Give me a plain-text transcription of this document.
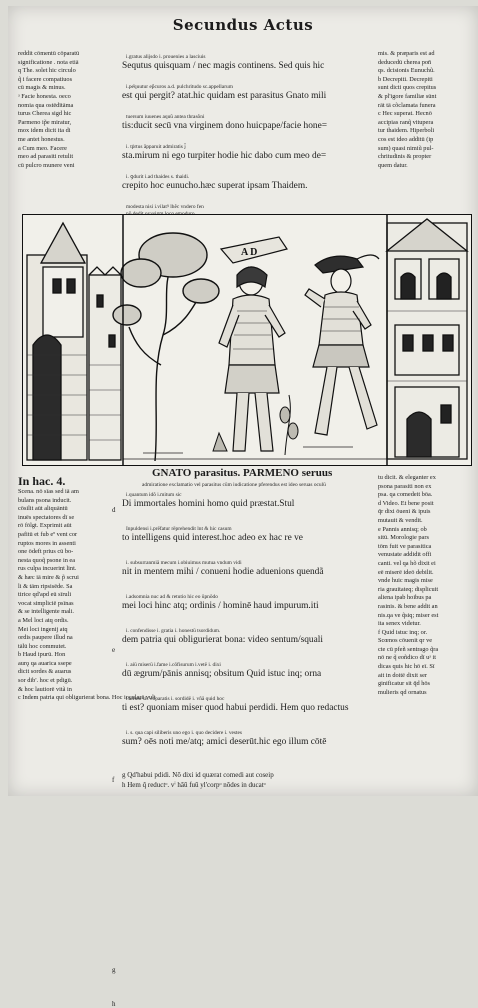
Secundus Actus
reddit cōmentū cōparatū
significatione . nota etiā
q The. solet hic circulo
q̃ i facere compatiuos
cū magis & minus.
ᵃ Facie honesta. oeco
nomia qua ostēdītāma
turus Cherea sigd hic
Parmeno ip̃e miratur,
mox idem dicit ita di
me antet honestus.
a Cum meo. Facere
meo ad parasiti retulit
cū pulcro munere veni
i.gratus alijsdo i. prouenies a lasciuis
Sequtus quisquam / nec magis continens. Sed quis hic
i.pe̊quutur ep̃curos a.d. pulchritudo sc.appellarum
est qui pergit? atat.hic quidam est parasitus Gnato mili
tuersum iuuenes aquũ antea thrasõni
tis:ducit secū vna virginem dono huicpape/facie hone=
i. tṗrtus ãpparuit admiratis j̃
sta.mirum ni ego turpiter hodie hic dabo cum meo de=
i. ꝯdurit i.ad thaides s. thaidi.
crepito hoc eunucho.hæc superat ipsam Thaidem.
modesta nisi i.vilatꝰ lhẽc vndero fen
mis. & præparis est ad
deducedū cherea pon̄
qs. dcisionis Eunuchũ.
b Decrepiti. Decrepiti
sunt dicti quos crepitus
& pl'igore familiæ sūnt
rāt tā cõclamata funera
c Hec superat. Hecnō
accipias ranq̃ vitupera
tur thaidem. Hiperboli
cos est ideo additū (ip
sum) quasi nimiũ pul-
chritudinis & propter
quem datur.
A D
In hac. 4.
Scena. nō sīas sed iā am
bulans psona inducit.
cōsilit aūt aliquāntū
inuēs spectatores dī se
rō fōlgt. Exprimit aūt
pafitū et fub eº vent cor
ruptos mores in assenti
one ōdeft prius cū bo-
nesta quoq̃ psone in ea
rus culpa incuerint lint.
& hæc iā mire & p̃ scrui
li & tām ripsisēde. Sa
tirice qd'apd eū sīruli
vocat simpliciē psīnas
& se intelligente mali.
a Mel loci atq ordis.
Mei loci ingenij atq
ordis paupere illud na
tālū hoc commutet.
b Haud ipurū. Hon
aurǫ qa auarica ssepe
dicit sordes & auarus
sor dib'. hoc et pdigū.
& hoc lautiorē vitã in
c Indem patria qui obligurierat bona. Hoc iocularē vult
GNATO parasitus. PARMENO seruus
admiratione exclamatio vel parasitus cūm iudicatione pferendus est ideo seruas oculū
i.quantum idõ i.mitum sic
Di immortales homini homo quid præstat.Stul
Inpuldensi i.prēfatur rēprehendit lnt & hic casum
to intelligens quid interest.hoc adeo ex hac re ve
i. subsurranmiā mecum i.obiuimus mutua vndum vidi
nit in mentem mihi / conueni hodie aduenions quendã
i.adsomnia nuc ad & retutio hic eo ūpnōdo
mei loci hinc atq; ordinis / hominē haud impurum.iti
i. confendisse i. gratia i. honestū tsordidum.
dem patria qui obligurierat bona: video sentum/squali
i. aiū miserū i.fame i.cōfisurum i.vetē i. dixi
dū ægrum/pānis annisq; obsitum Quid istuc inq; orna
i.atfulo sic coparatis i. sordidē i. vñā quid hoc
ti est? quoniam miser quod habui perdidi. Hem quo redactus
i. s. qua capi siliberis uno ego i. quo decidere i. vestes
sum? oēs noti me/atq; amici deserūt.hic ego illum cōtē
tu dicit. & eleganter ex
psona parasiti non ex
psa. qa comedeit bōa.
d Video. Et bene posit
q̄r dixi ōueni & ipuis
mutauit & vendit.
e Pannis annisq; ob
sitū. Morologie pars
tōm fuit ve parasitica
venustate addidit offi
canti. vel qa hõ dixit ei
eē miserē ideō debilit.
vnde huic magis mise
ria grauitateq; displicuit
aliena ipab hoibus pa
rasinis. & bene addit an
nis.qa ve q̃siq; miser est
ita senex videtur.
f Quid istuc inq; or.
Scœnos cōuenit qr ve
cte cū pfeñ sentrago q̃ra
nō ne q̃ eoñdico dī uᵃ it
dicas quis hic hō eī. Sī
ait in doitē dixit ser
ginificatur sit q̄d hōs
mulieris qd ornatus
g Qd'habui pdidi. Nō dixi id quærat comedi aut coseip
h Hem q̃ reductᵒ. vⁱ hāū fuū yl'corpᵒ nōdes in ducatᵒ
d
e
f
g
h
